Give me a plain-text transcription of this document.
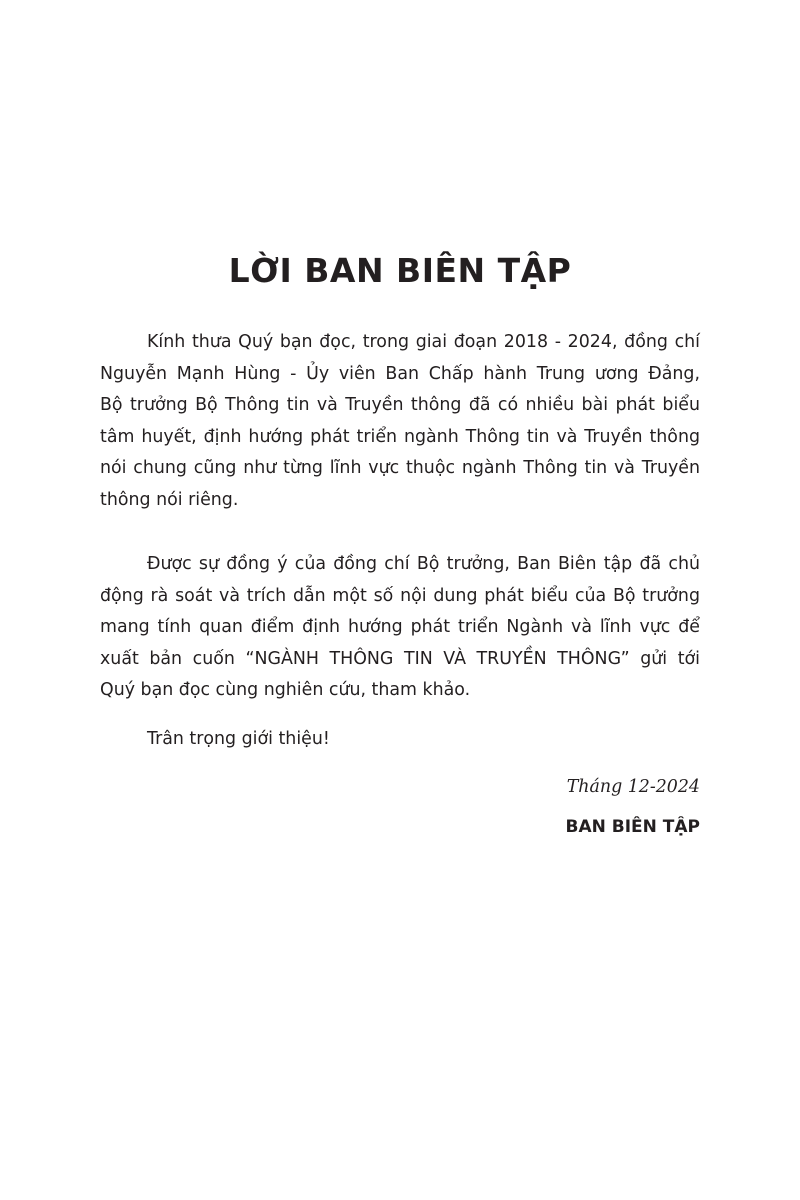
LỜI BAN BIÊN TẬP
Kính thưa Quý bạn đọc, trong giai đoạn 2018 - 2024, đồng chí
Nguyễn Mạnh Hùng - Ủy viên Ban Chấp hành Trung ương Đảng,
Bộ trưởng Bộ Thông tin và Truyền thông đã có nhiều bài phát biểu
tâm huyết, định hướng phát triển ngành Thông tin và Truyền thông
nói chung cũng như từng lĩnh vực thuộc ngành Thông tin và Truyền
thông nói riêng.
Được sự đồng ý của đồng chí Bộ trưởng, Ban Biên tập đã chủ
động rà soát và trích dẫn một số nội dung phát biểu của Bộ trưởng
mang tính quan điểm định hướng phát triển Ngành và lĩnh vực để
xuất bản cuốn “NGÀNH THÔNG TIN VÀ TRUYỀN THÔNG” gửi tới
Quý bạn đọc cùng nghiên cứu, tham khảo.
Trân trọng giới thiệu!
Tháng 12-2024
BAN BIÊN TẬP
